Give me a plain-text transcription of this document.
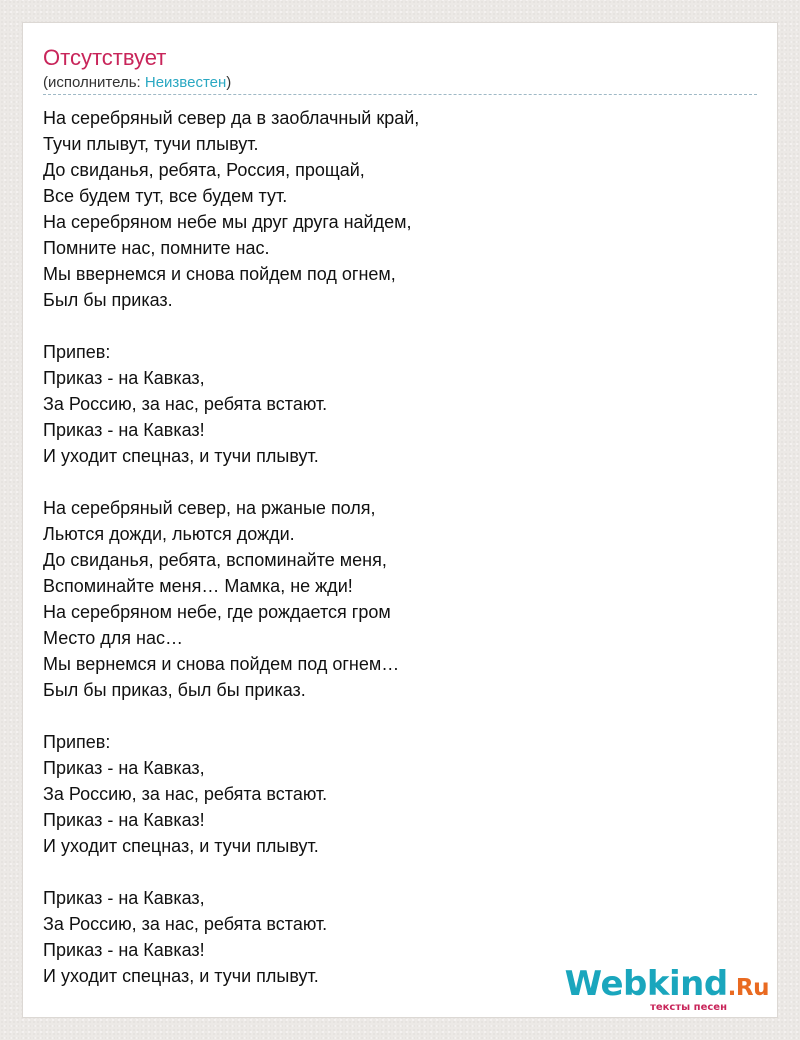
Отсутствует
(исполнитель: Неизвестен)
На серебряный север да в заоблачный край,
Тучи плывут, тучи плывут.
До свиданья, ребята, Россия, прощай,
Все будем тут, все будем тут.
На серебряном небе мы друг друга найдем,
Помните нас, помните нас.
Мы ввернемся и снова пойдем под огнем,
Был бы приказ.

Припев:
Приказ - на Кавказ,
За Россию, за нас, ребята встают.
Приказ - на Кавказ!
И уходит спецназ, и тучи плывут.

На серебряный север, на ржаные поля,
Льются дожди, льются дожди.
До свиданья, ребята, вспоминайте меня,
Вспоминайте меня… Мамка, не жди!
На серебряном небе, где рождается гром
Место для нас…
Мы вернемся и снова пойдем под огнем…
Был бы приказ, был бы приказ.

Припев:
Приказ - на Кавказ,
За Россию, за нас, ребята встают.
Приказ - на Кавказ!
И уходит спецназ, и тучи плывут.

Приказ - на Кавказ,
За Россию, за нас, ребята встают.
Приказ - на Кавказ!
И уходит спецназ, и тучи плывут.	Webkind.Ru
тексты песен
